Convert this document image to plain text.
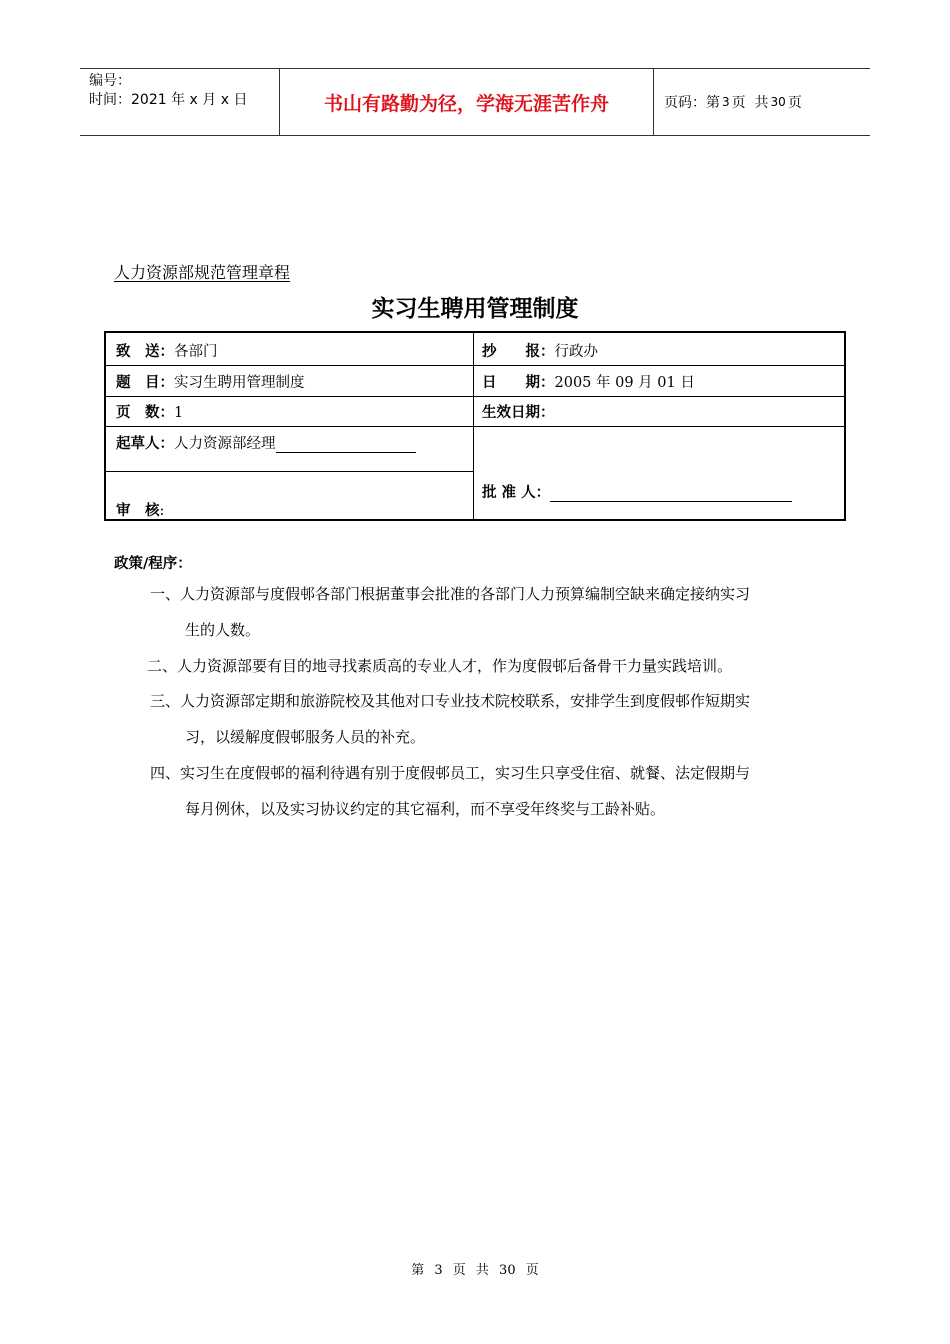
编号：
时间：2021 年 x 月 x 日	书山有路勤为径，学海无涯苦作舟	页码：第 3 页  共 30 页
人力资源部规范管理章程
实习生聘用管理制度
致　送：各部门	抄　　报：行政办
题　目：实习生聘用管理制度	日　　期：2005 年 09 月 01 日
页　数：1	生效日期：
起草人：人力资源部经理
批 准 人：
审　核:
政策/程序：
一、人力资源部与度假邨各部门根据董事会批准的各部门人力预算编制空缺来确定接纳实习
生的人数。
二、人力资源部要有目的地寻找素质高的专业人才，作为度假邨后备骨干力量实践培训。
三、人力资源部定期和旅游院校及其他对口专业技术院校联系，安排学生到度假邨作短期实
习，以缓解度假邨服务人员的补充。
四、实习生在度假邨的福利待遇有别于度假邨员工，实习生只享受住宿、就餐、法定假期与
每月例休，以及实习协议约定的其它福利，而不享受年终奖与工龄补贴。
第 3 页 共 30 页
